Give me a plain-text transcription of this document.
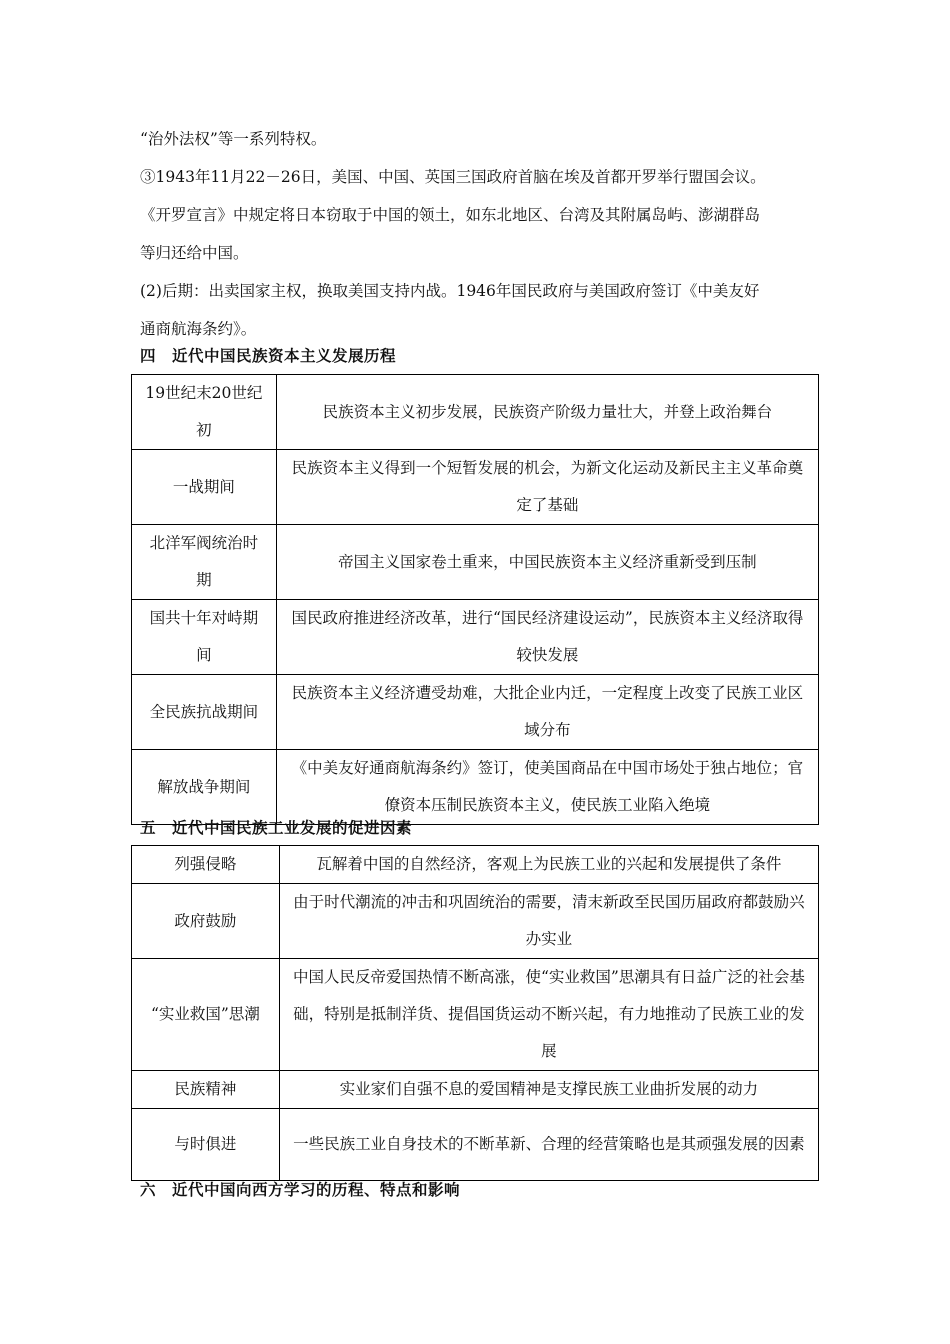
“治外法权”等一系列特权。
③1943年11月22－26日，美国、中国、英国三国政府首脑在埃及首都开罗举行盟国会议。
《开罗宣言》中规定将日本窃取于中国的领土，如东北地区、台湾及其附属岛屿、澎湖群岛
等归还给中国。
(2)后期：出卖国家主权，换取美国支持内战。1946年国民政府与美国政府签订《中美友好
通商航海条约》。
四 近代中国民族资本主义发展历程
19世纪末20世纪初	民族资本主义初步发展，民族资产阶级力量壮大，并登上政治舞台
一战期间	民族资本主义得到一个短暂发展的机会，为新文化运动及新民主主义革命奠定了基础
北洋军阀统治时期	帝国主义国家卷土重来，中国民族资本主义经济重新受到压制
国共十年对峙期间	国民政府推进经济改革，进行“国民经济建设运动”，民族资本主义经济取得较快发展
全民族抗战期间	民族资本主义经济遭受劫难，大批企业内迁，一定程度上改变了民族工业区域分布
解放战争期间	《中美友好通商航海条约》签订，使美国商品在中国市场处于独占地位；官僚资本压制民族资本主义，使民族工业陷入绝境
五 近代中国民族工业发展的促进因素
列强侵略	瓦解着中国的自然经济，客观上为民族工业的兴起和发展提供了条件
政府鼓励	由于时代潮流的冲击和巩固统治的需要，清末新政至民国历届政府都鼓励兴办实业
“实业救国”思潮	中国人民反帝爱国热情不断高涨，使“实业救国”思潮具有日益广泛的社会基础，特别是抵制洋货、提倡国货运动不断兴起，有力地推动了民族工业的发展
民族精神	实业家们自强不息的爱国精神是支撑民族工业曲折发展的动力
与时俱进	一些民族工业自身技术的不断革新、合理的经营策略也是其顽强发展的因素
六 近代中国向西方学习的历程、特点和影响
